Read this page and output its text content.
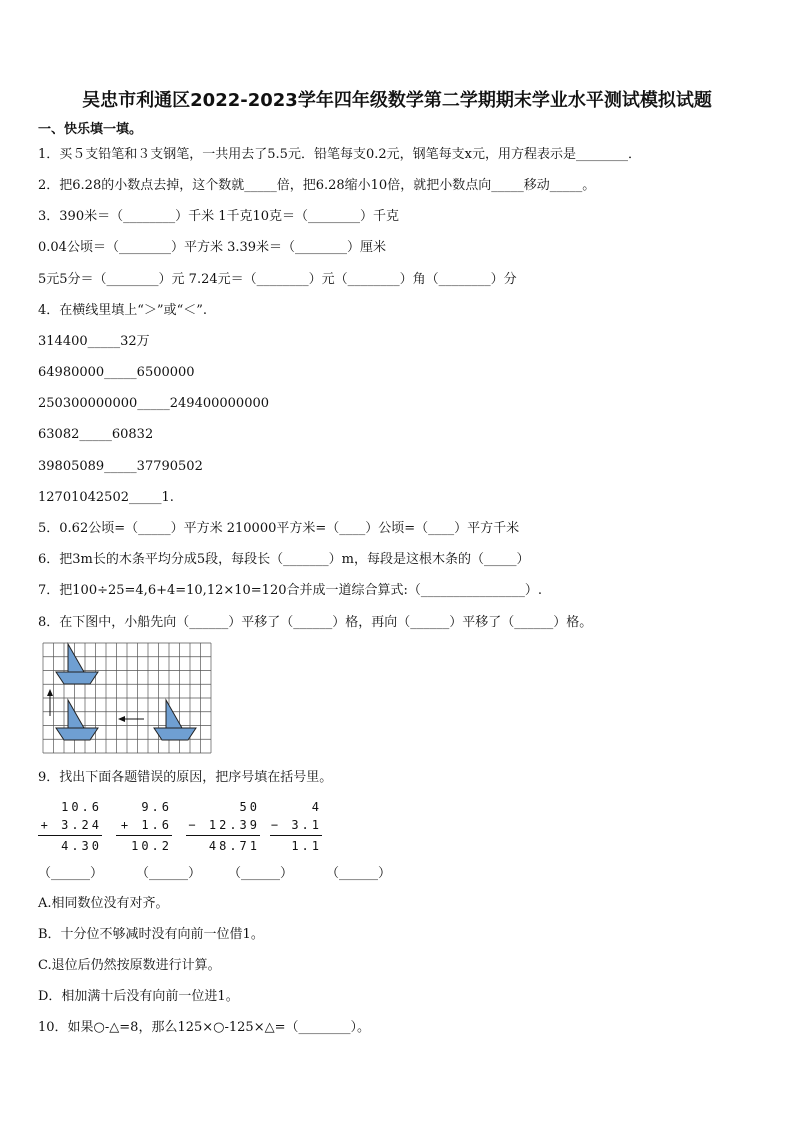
吴忠市利通区2022-2023学年四年级数学第二学期期末学业水平测试模拟试题
一、快乐填一填。
1．买５支铅笔和３支钢笔，一共用去了5.5元．铅笔每支0.2元，钢笔每支x元，用方程表示是________．
2．把6.28的小数点去掉，这个数就_____倍，把6.28缩小10倍，就把小数点向_____移动_____。
3．390米＝（________）千米 1千克10克＝（________）千克
0.04公顷＝（________）平方米 3.39米＝（________）厘米
5元5分＝（________）元 7.24元＝（________）元（________）角（________）分
4．在横线里填上“＞”或“＜”.
314400_____32万
64980000_____6500000
250300000000_____249400000000
63082_____60832
39805089_____37790502
12701042502_____1.
5．0.62公顷=（_____）平方米 210000平方米=（____）公顷=（____）平方千米
6．把3m长的木条平均分成5段，每段长（_______）m，每段是这根木条的（_____）
7．把100÷25=4,6+4=10,12×10=120合并成一道综合算式:（________________）.
8．在下图中，小船先向（______）平移了（______）格，再向（______）平移了（______）格。
9．找出下面各题错误的原因，把序号填在括号里。
10.6
+ 3.24
4.30
9.6
+ 1.6
10.2
50
− 12.39
48.71
4
− 3.1
1.1
（______）	（______） （______）	（______）
A.相同数位没有对齐。
B．十分位不够减时没有向前一位借1。
C.退位后仍然按原数进行计算。
D．相加满十后没有向前一位进1。
10．如果○-△=8，那么125×○-125×△=（________）。
